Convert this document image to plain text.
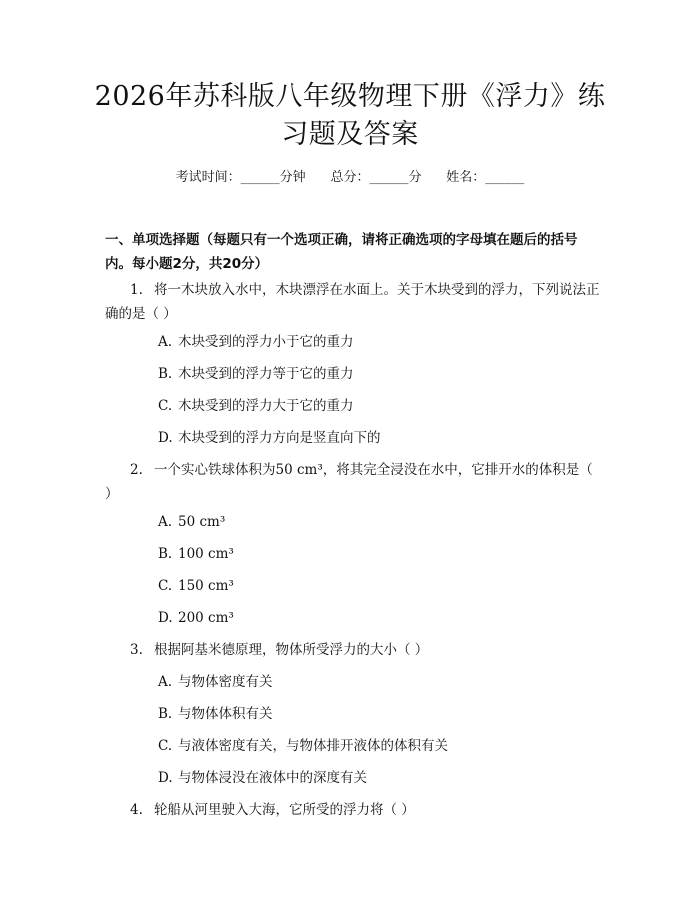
2026年苏科版八年级物理下册《浮力》练习题及答案
考试时间：______分钟 总分：______分 姓名：______
一、单项选择题（每题只有一个选项正确，请将正确选项的字母填在题后的括号内。每小题2分，共20分）
1. 将一木块放入水中，木块漂浮在水面上。关于木块受到的浮力，下列说法正确的是（ ）
A. 木块受到的浮力小于它的重力
B. 木块受到的浮力等于它的重力
C. 木块受到的浮力大于它的重力
D. 木块受到的浮力方向是竖直向下的
2. 一个实心铁球体积为50 cm³，将其完全浸没在水中，它排开水的体积是（ ）
A. 50 cm³
B. 100 cm³
C. 150 cm³
D. 200 cm³
3. 根据阿基米德原理，物体所受浮力的大小（ ）
A. 与物体密度有关
B. 与物体体积有关
C. 与液体密度有关，与物体排开液体的体积有关
D. 与物体浸没在液体中的深度有关
4. 轮船从河里驶入大海，它所受的浮力将（ ）
